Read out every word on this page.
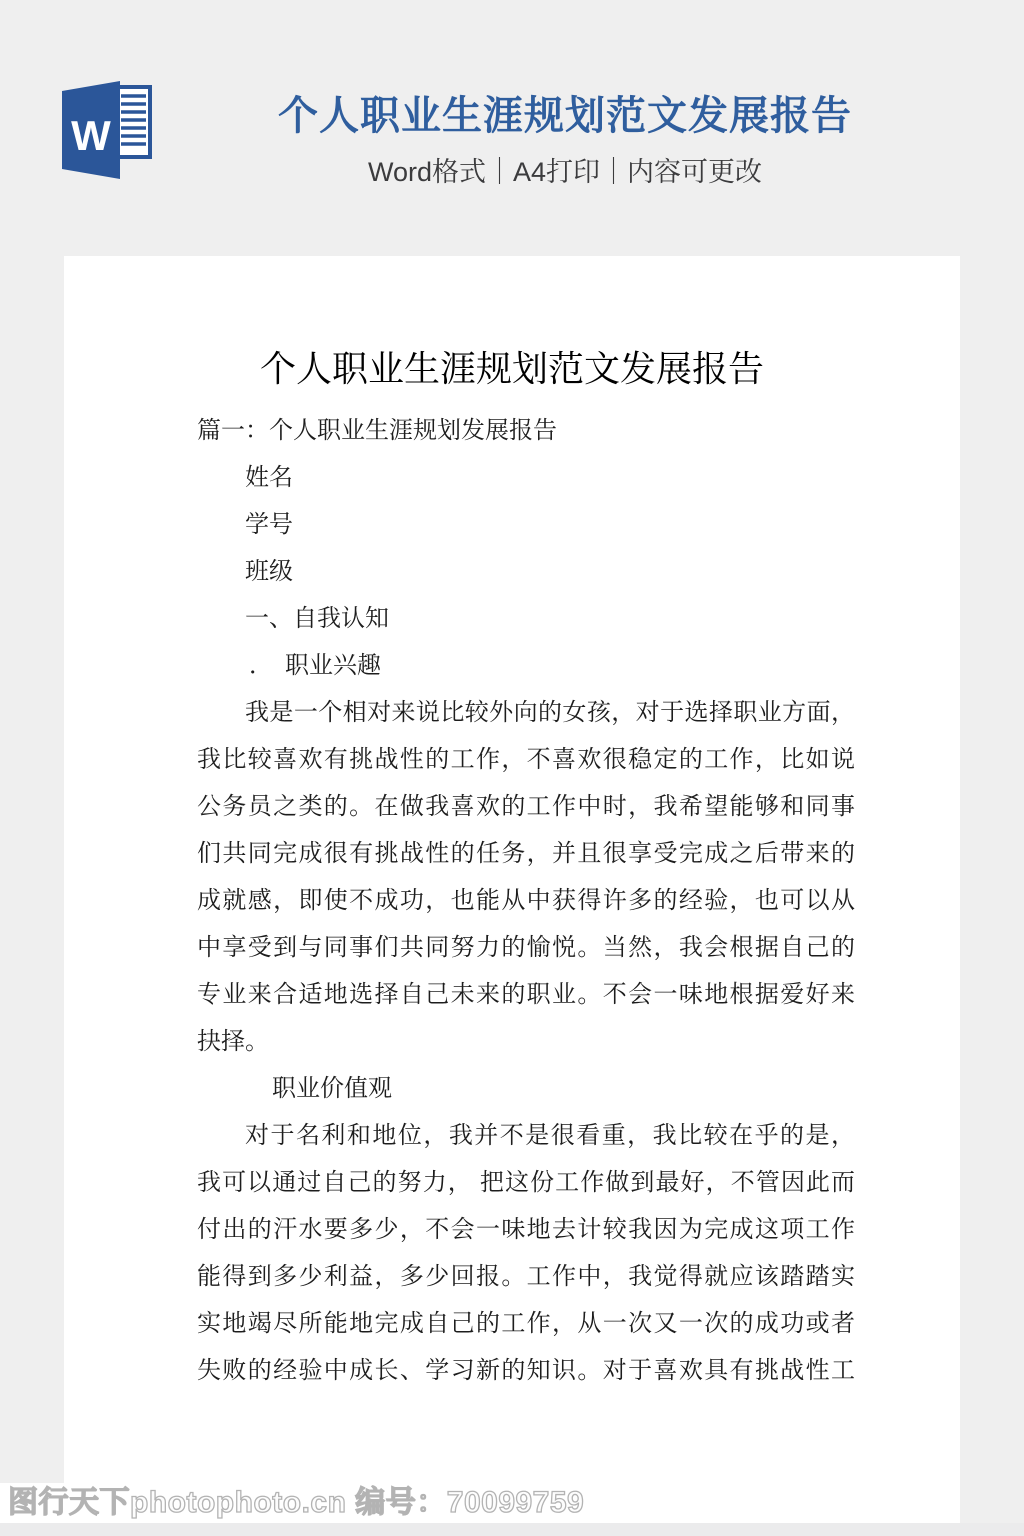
W	个人职业生涯规划范文发展报告
Word格式｜A4打印｜内容可更改
个人职业生涯规划范文发展报告
篇一：个人职业生涯规划发展报告
姓名
学号
班级
一、自我认知
．　职业兴趣
我是一个相对来说比较外向的女孩，对于选择职业方面，
我比较喜欢有挑战性的工作，不喜欢很稳定的工作，比如说
公务员之类的。在做我喜欢的工作中时，我希望能够和同事
们共同完成很有挑战性的任务，并且很享受完成之后带来的
成就感，即使不成功，也能从中获得许多的经验，也可以从
中享受到与同事们共同努力的愉悦。当然，我会根据自己的
专业来合适地选择自己未来的职业。不会一味地根据爱好来
抉择。
职业价值观
对于名利和地位，我并不是很看重，我比较在乎的是，
我可以通过自己的努力， 把这份工作做到最好，不管因此而
付出的汗水要多少，不会一味地去计较我因为完成这项工作
能得到多少利益，多少回报。工作中，我觉得就应该踏踏实
实地竭尽所能地完成自己的工作，从一次又一次的成功或者
失败的经验中成长、学习新的知识。对于喜欢具有挑战性工
图行天下photophoto.cn 编号：70099759
